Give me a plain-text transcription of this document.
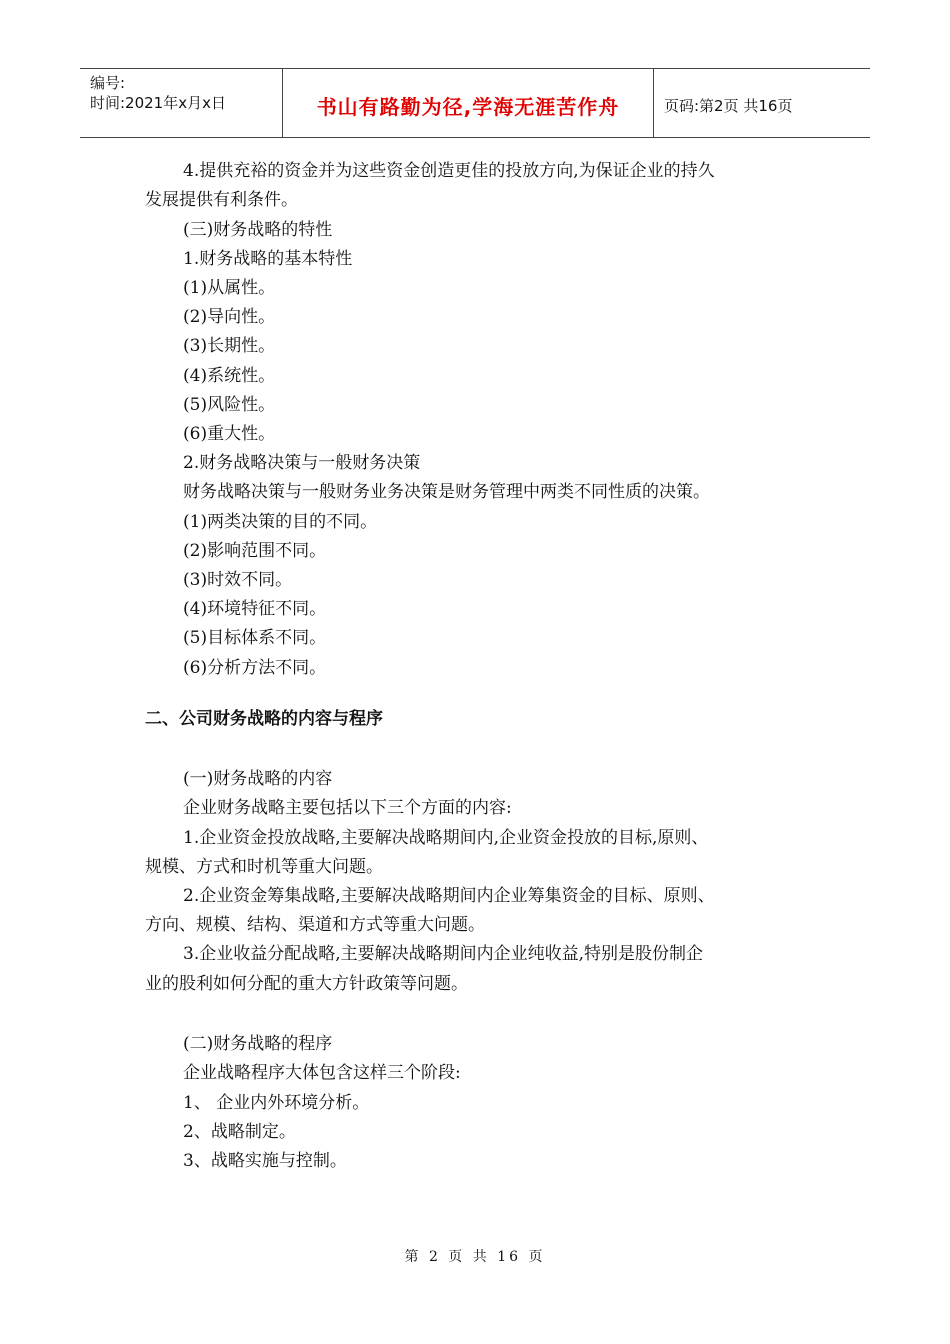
编号:
时间:2021年x月x日	书山有路勤为径,学海无涯苦作舟	页码:第2页 共16页
4.提供充裕的资金并为这些资金创造更佳的投放方向,为保证企业的持久
发展提供有利条件。
(三)财务战略的特性
1.财务战略的基本特性
(1)从属性。
(2)导向性。
(3)长期性。
(4)系统性。
(5)风险性。
(6)重大性。
2.财务战略决策与一般财务决策
财务战略决策与一般财务业务决策是财务管理中两类不同性质的决策。
(1)两类决策的目的不同。
(2)影响范围不同。
(3)时效不同。
(4)环境特征不同。
(5)目标体系不同。
(6)分析方法不同。
二、公司财务战略的内容与程序
(一)财务战略的内容
企业财务战略主要包括以下三个方面的内容:
1.企业资金投放战略,主要解决战略期间内,企业资金投放的目标,原则、
规模、方式和时机等重大问题。
2.企业资金筹集战略,主要解决战略期间内企业筹集资金的目标、原则、
方向、规模、结构、渠道和方式等重大问题。
3.企业收益分配战略,主要解决战略期间内企业纯收益,特别是股份制企
业的股利如何分配的重大方针政策等问题。
(二)财务战略的程序
企业战略程序大体包含这样三个阶段:
1、 企业内外环境分析。
2、战略制定。
3、战略实施与控制。
第 2 页 共 16 页
